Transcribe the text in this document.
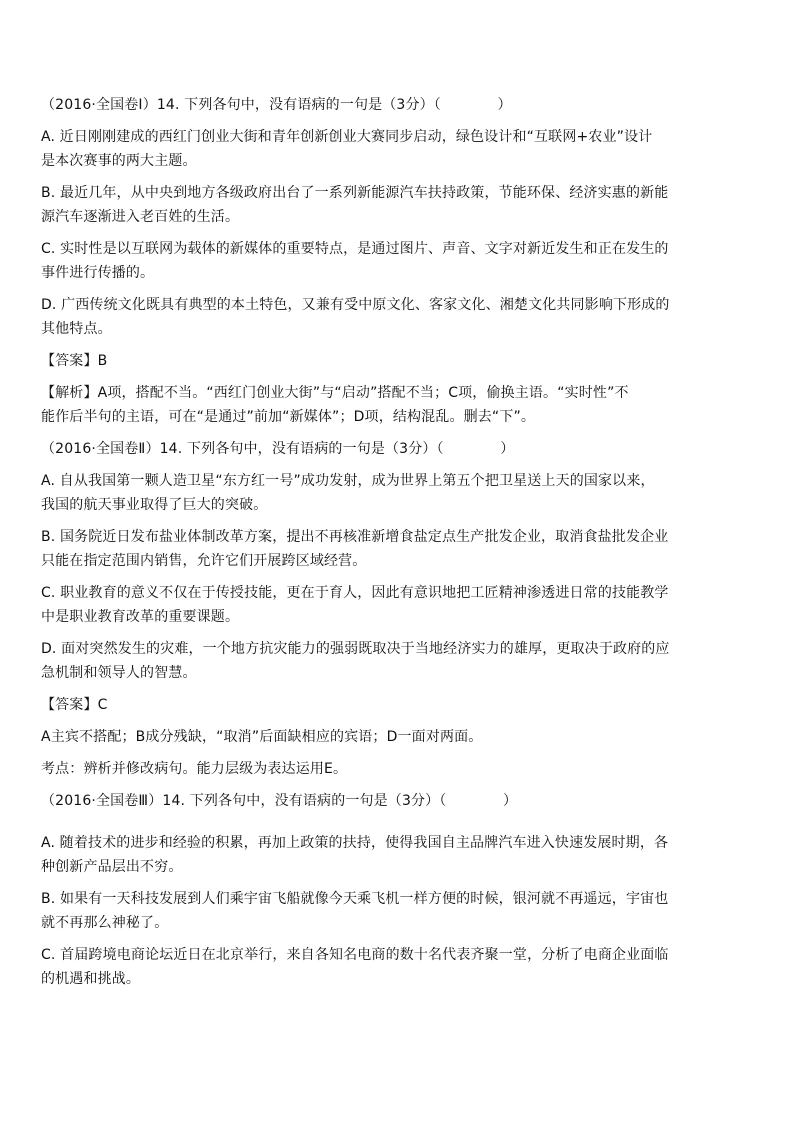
（2016·全国卷Ⅰ）14. 下列各句中，没有语病的一句是（3分）（　　　　）
A. 近日刚刚建成的西红门创业大街和青年创新创业大赛同步启动，绿色设计和“互联网+农业”设计
是本次赛事的两大主题。
B. 最近几年，从中央到地方各级政府出台了一系列新能源汽车扶持政策，节能环保、经济实惠的新能
源汽车逐渐进入老百姓的生活。
C. 实时性是以互联网为载体的新媒体的重要特点，是通过图片、声音、文字对新近发生和正在发生的
事件进行传播的。
D. 广西传统文化既具有典型的本土特色，又兼有受中原文化、客家文化、湘楚文化共同影响下形成的
其他特点。
【答案】B
【解析】A项，搭配不当。“西红门创业大街”与“启动”搭配不当；C项，偷换主语。“实时性”不
能作后半句的主语，可在“是通过”前加“新媒体”；D项，结构混乱。删去“下”。
（2016·全国卷Ⅱ）14. 下列各句中，没有语病的一句是（3分）（　　　　）
A. 自从我国第一颗人造卫星“东方红一号”成功发射，成为世界上第五个把卫星送上天的国家以来，
我国的航天事业取得了巨大的突破。
B. 国务院近日发布盐业体制改革方案，提出不再核准新增食盐定点生产批发企业，取消食盐批发企业
只能在指定范围内销售，允许它们开展跨区域经营。
C. 职业教育的意义不仅在于传授技能，更在于育人，因此有意识地把工匠精神渗透进日常的技能教学
中是职业教育改革的重要课题。
D. 面对突然发生的灾难，一个地方抗灾能力的强弱既取决于当地经济实力的雄厚，更取决于政府的应
急机制和领导人的智慧。
【答案】C
A主宾不搭配；B成分残缺，“取消”后面缺相应的宾语；D一面对两面。
考点：辨析并修改病句。能力层级为表达运用E。
（2016·全国卷Ⅲ）14. 下列各句中，没有语病的一句是（3分）（　　　　）
A. 随着技术的进步和经验的积累，再加上政策的扶持，使得我国自主品牌汽车进入快速发展时期，各
种创新产品层出不穷。
B. 如果有一天科技发展到人们乘宇宙飞船就像今天乘飞机一样方便的时候，银河就不再遥远，宇宙也
就不再那么神秘了。
C. 首届跨境电商论坛近日在北京举行，来自各知名电商的数十名代表齐聚一堂，分析了电商企业面临
的机遇和挑战。
